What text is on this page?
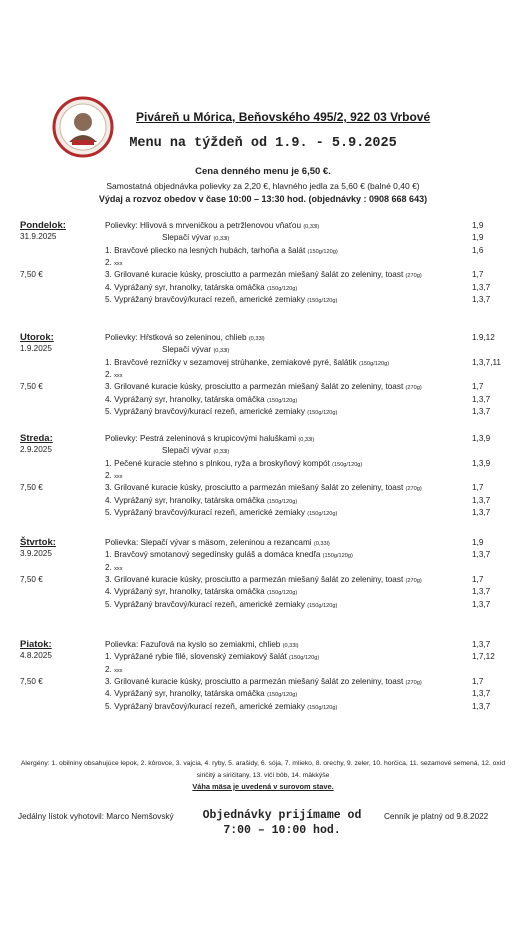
Piváreň u Mórica, Beňovského 495/2, 922 03 Vrbové
Menu na týždeň od 1.9. - 5.9.2025
Cena denného menu je 6,50 €.
Samostatná objednávka polievky za 2,20 €, hlavného jedla za 5,60 € (balné 0,40 €)
Výdaj a rozvoz obedov v čase 10:00 – 13:30 hod. (objednávky : 0908 668 643)
Pondelok:
31.9.2025
7,50 €
Polievky: Hlivová s mrveničkou a petržlenovou vňaťou (0,33l)	1,9
Slepačí vývar (0,33l)	1,9
1. Bravčové pliecko na lesných hubách, tarhoňa a šalát (150g/120g)	1,6
2. xxx
3. Grilované kuracie kúsky, prosciutto a parmezán miešaný šalát zo zeleniny, toast (270g)	1,7
4. Vyprážaný syr, hranolky, tatárska omáčka (150g/120g)	1,3,7
5. Vyprážaný bravčový/kurací rezeň, americké zemiaky (150g/120g)	1,3,7
Utorok:
1.9.2025
7,50 €
Polievky: Hŕstková so zeleninou, chlieb (0,33l)	1.9,12
Slepačí vývar (0,33l)
1. Bravčové rezníčky v sezamovej strúhanke, zemiakové pyré, šalátik (150g/120g)	1,3,7,11
2. xxx
3. Grilované kuracie kúsky, prosciutto a parmezán miešaný šalát zo zeleniny, toast (270g)	1,7
4. Vyprážaný syr, hranolky, tatárska omáčka (150g/120g)	1,3,7
5. Vyprážaný bravčový/kurací rezeň, americké zemiaky (150g/120g)	1,3,7
Streda:
2.9.2025
7,50 €
Polievky: Pestrá zeleninová s krupicovými haluškami (0,33l)	1,3,9
Slepačí vývar (0,33l)
1. Pečené kuracie stehno s plnkou, ryža a broskyňový kompót (150g/120g)	1,3,9
2. xxx
3. Grilované kuracie kúsky, prosciutto a parmezán miešaný šalát zo zeleniny, toast (270g)	1,7
4. Vyprážaný syr, hranolky, tatárska omáčka (150g/120g)	1,3,7
5. Vyprážaný bravčový/kurací rezeň, americké zemiaky (150g/120g)	1,3,7
Štvrtok:
3.9.2025
7,50 €
Polievka: Slepačí vývar s mäsom, zeleninou a rezancami (0,33l)	1,9
1. Bravčový smotanový segedínsky guláš a domáca knedľa (150g/120g)	1,3,7
2. xxx
3. Grilované kuracie kúsky, prosciutto a parmezán miešaný šalát zo zeleniny, toast (270g)	1,7
4. Vyprážaný syr, hranolky, tatárska omáčka (150g/120g)	1,3,7
5. Vyprážaný bravčový/kurací rezeň, americké zemiaky (150g/120g)	1,3,7
Piatok:
4.8.2025
7,50 €
Polievka: Fazuľová na kyslo so zemiakmi, chlieb (0,33l)	1,3,7
1. Vyprážané rybie filé, slovenský zemiakový šalát (150g/120g)	1,7,12
2. xxx
3. Grilované kuracie kúsky, prosciutto a parmezán miešaný šalát zo zeleniny, toast (270g)	1,7
4. Vyprážaný syr, hranolky, tatárska omáčka (150g/120g)	1,3,7
5. Vyprážaný bravčový/kurací rezeň, americké zemiaky (150g/120g)	1,3,7
Alergény: 1. obilniny obsahujúce lepok, 2. kôrovce, 3. vajcia, 4. ryby, 5. arašidy, 6. sója, 7. mlieko, 8. orechy, 9. zeler, 10. horčica, 11. sezamové semená, 12. oxid siričitý a siričitany, 13. vlčí bôb, 14. mäkkýše
Váha mäsa je uvedená v surovom stave.
Jedálny lístok vyhotovil: Marco Nemšovský	Objednávky prijímame od 7:00 – 10:00 hod.
Cenník je platný od 9.8.2022
